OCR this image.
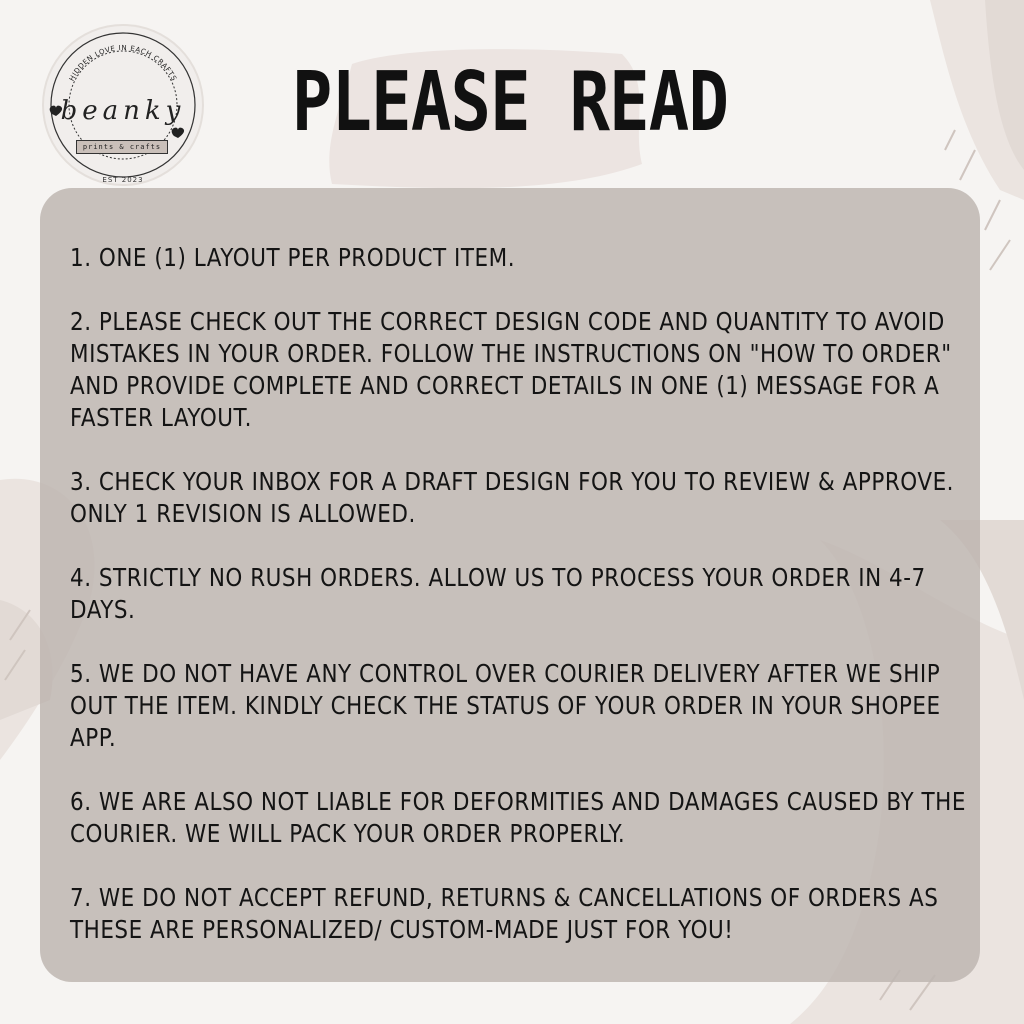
HIDDEN LOVE IN EACH CRAFTS
beanky
prints & crafts
EST 2023
PLEASE READ
1. ONE (1) LAYOUT PER PRODUCT ITEM.
2. PLEASE CHECK OUT THE CORRECT DESIGN CODE AND QUANTITY TO AVOID MISTAKES IN YOUR ORDER. FOLLOW THE INSTRUCTIONS ON "HOW TO ORDER" AND PROVIDE COMPLETE AND CORRECT DETAILS IN ONE (1) MESSAGE FOR A FASTER LAYOUT.
3. CHECK YOUR INBOX FOR A DRAFT DESIGN FOR YOU TO REVIEW & APPROVE. ONLY 1 REVISION IS ALLOWED.
4. STRICTLY NO RUSH ORDERS. ALLOW US TO PROCESS YOUR ORDER IN 4-7 DAYS.
5. WE DO NOT HAVE ANY CONTROL OVER COURIER DELIVERY AFTER WE SHIP OUT THE ITEM. KINDLY CHECK THE STATUS OF YOUR ORDER IN YOUR SHOPEE APP.
6. WE ARE ALSO NOT LIABLE FOR DEFORMITIES AND DAMAGES CAUSED BY THE COURIER. WE WILL PACK YOUR ORDER PROPERLY.
7. WE DO NOT ACCEPT REFUND, RETURNS & CANCELLATIONS OF ORDERS AS THESE ARE PERSONALIZED/ CUSTOM-MADE JUST FOR YOU!
